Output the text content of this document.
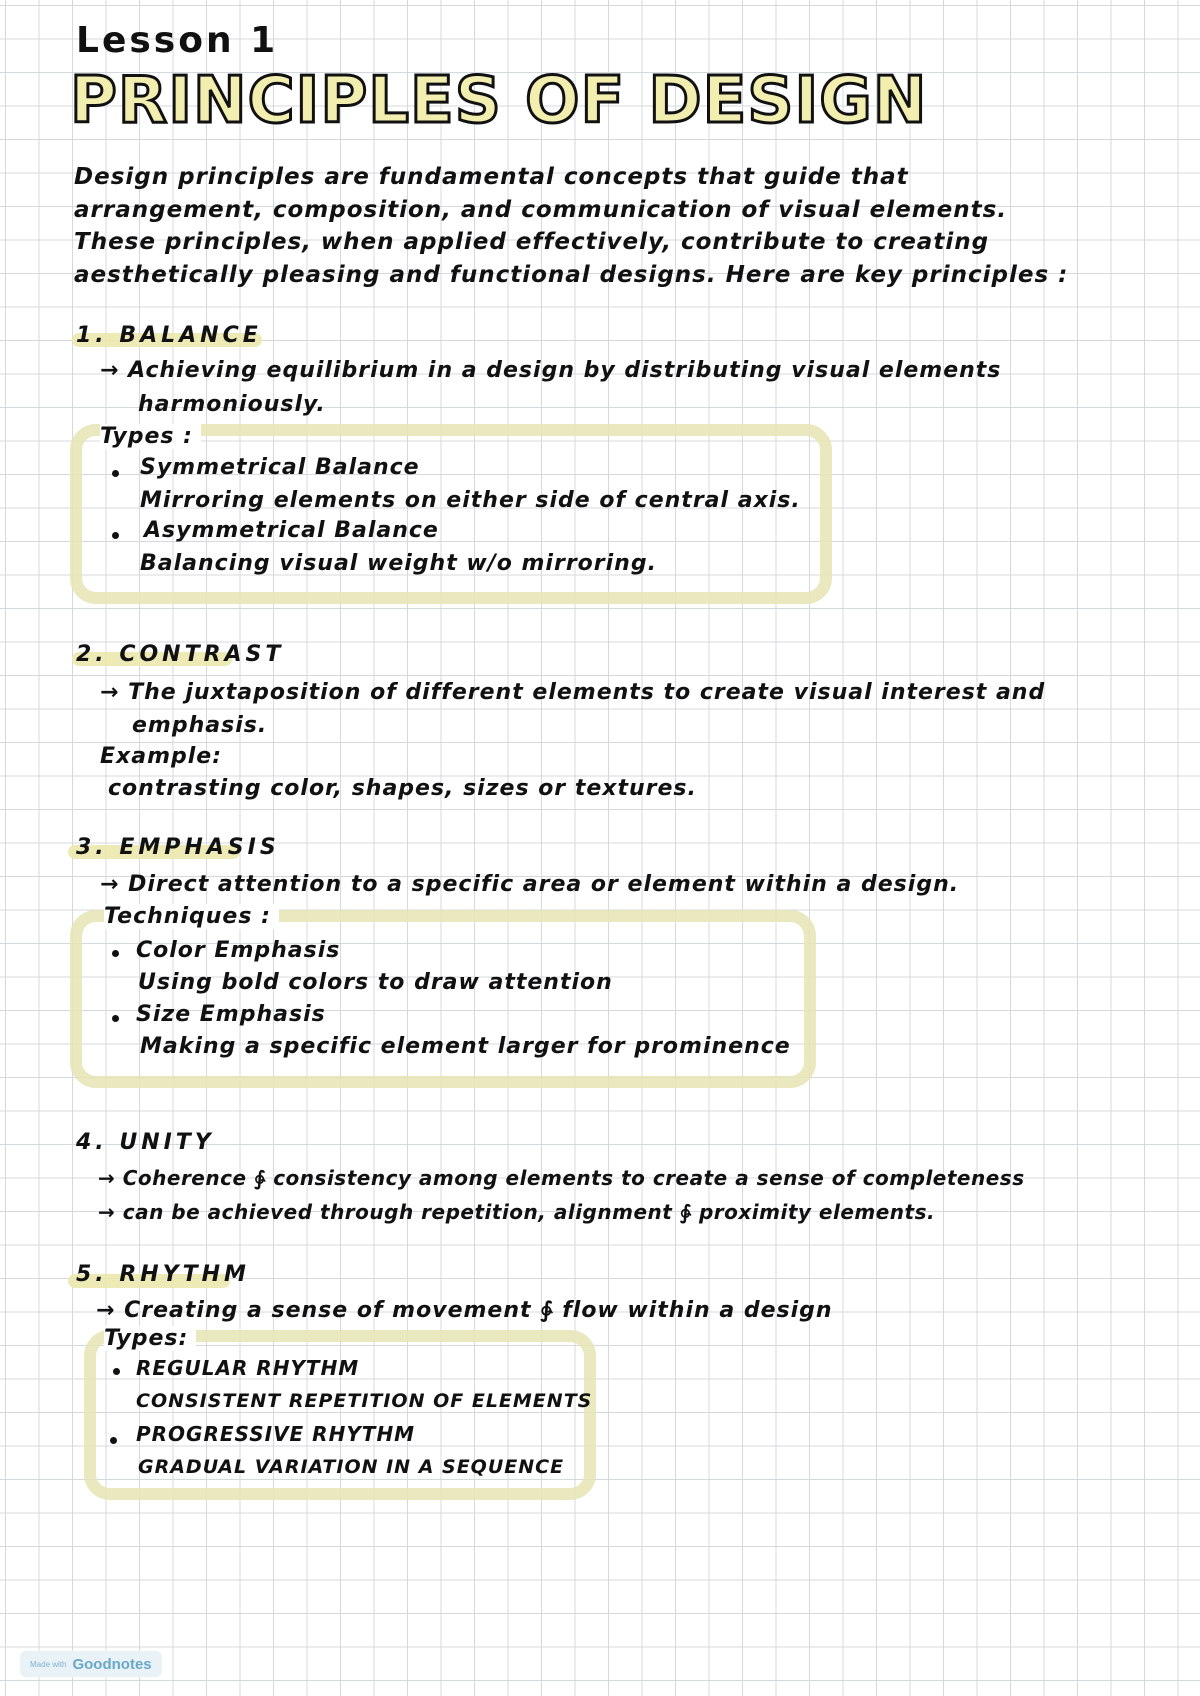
Lesson 1
PRINCIPLES OF DESIGN
Design principles are fundamental concepts that guide that arrangement, composition, and communication of visual elements. These principles, when applied effectively, contribute to creating aesthetically pleasing and functional designs. Here are key principles :
1. BALANCE
→ Achieving equilibrium in a design by distributing visual elements
harmoniously.
Types :
Symmetrical Balance
Mirroring elements on either side of central axis.
Asymmetrical Balance
Balancing visual weight w/o mirroring.
2. CONTRAST
→ The juxtaposition of different elements to create visual interest and
emphasis.
Example:
contrasting color, shapes, sizes or textures.
3. EMPHASIS
→ Direct attention to a specific area or element within a design.
Techniques :
Color Emphasis
Using bold colors to draw attention
Size Emphasis
Making a specific element larger for prominence
4. UNITY
→ Coherence ∳ consistency among elements to create a sense of completeness
→ can be achieved through repetition, alignment ∳ proximity elements.
5. RHYTHM
→ Creating a sense of movement ∳ flow within a design
Types:
REGULAR RHYTHM
CONSISTENT REPETITION OF ELEMENTS
PROGRESSIVE RHYTHM
GRADUAL VARIATION IN A SEQUENCE
Made with Goodnotes
